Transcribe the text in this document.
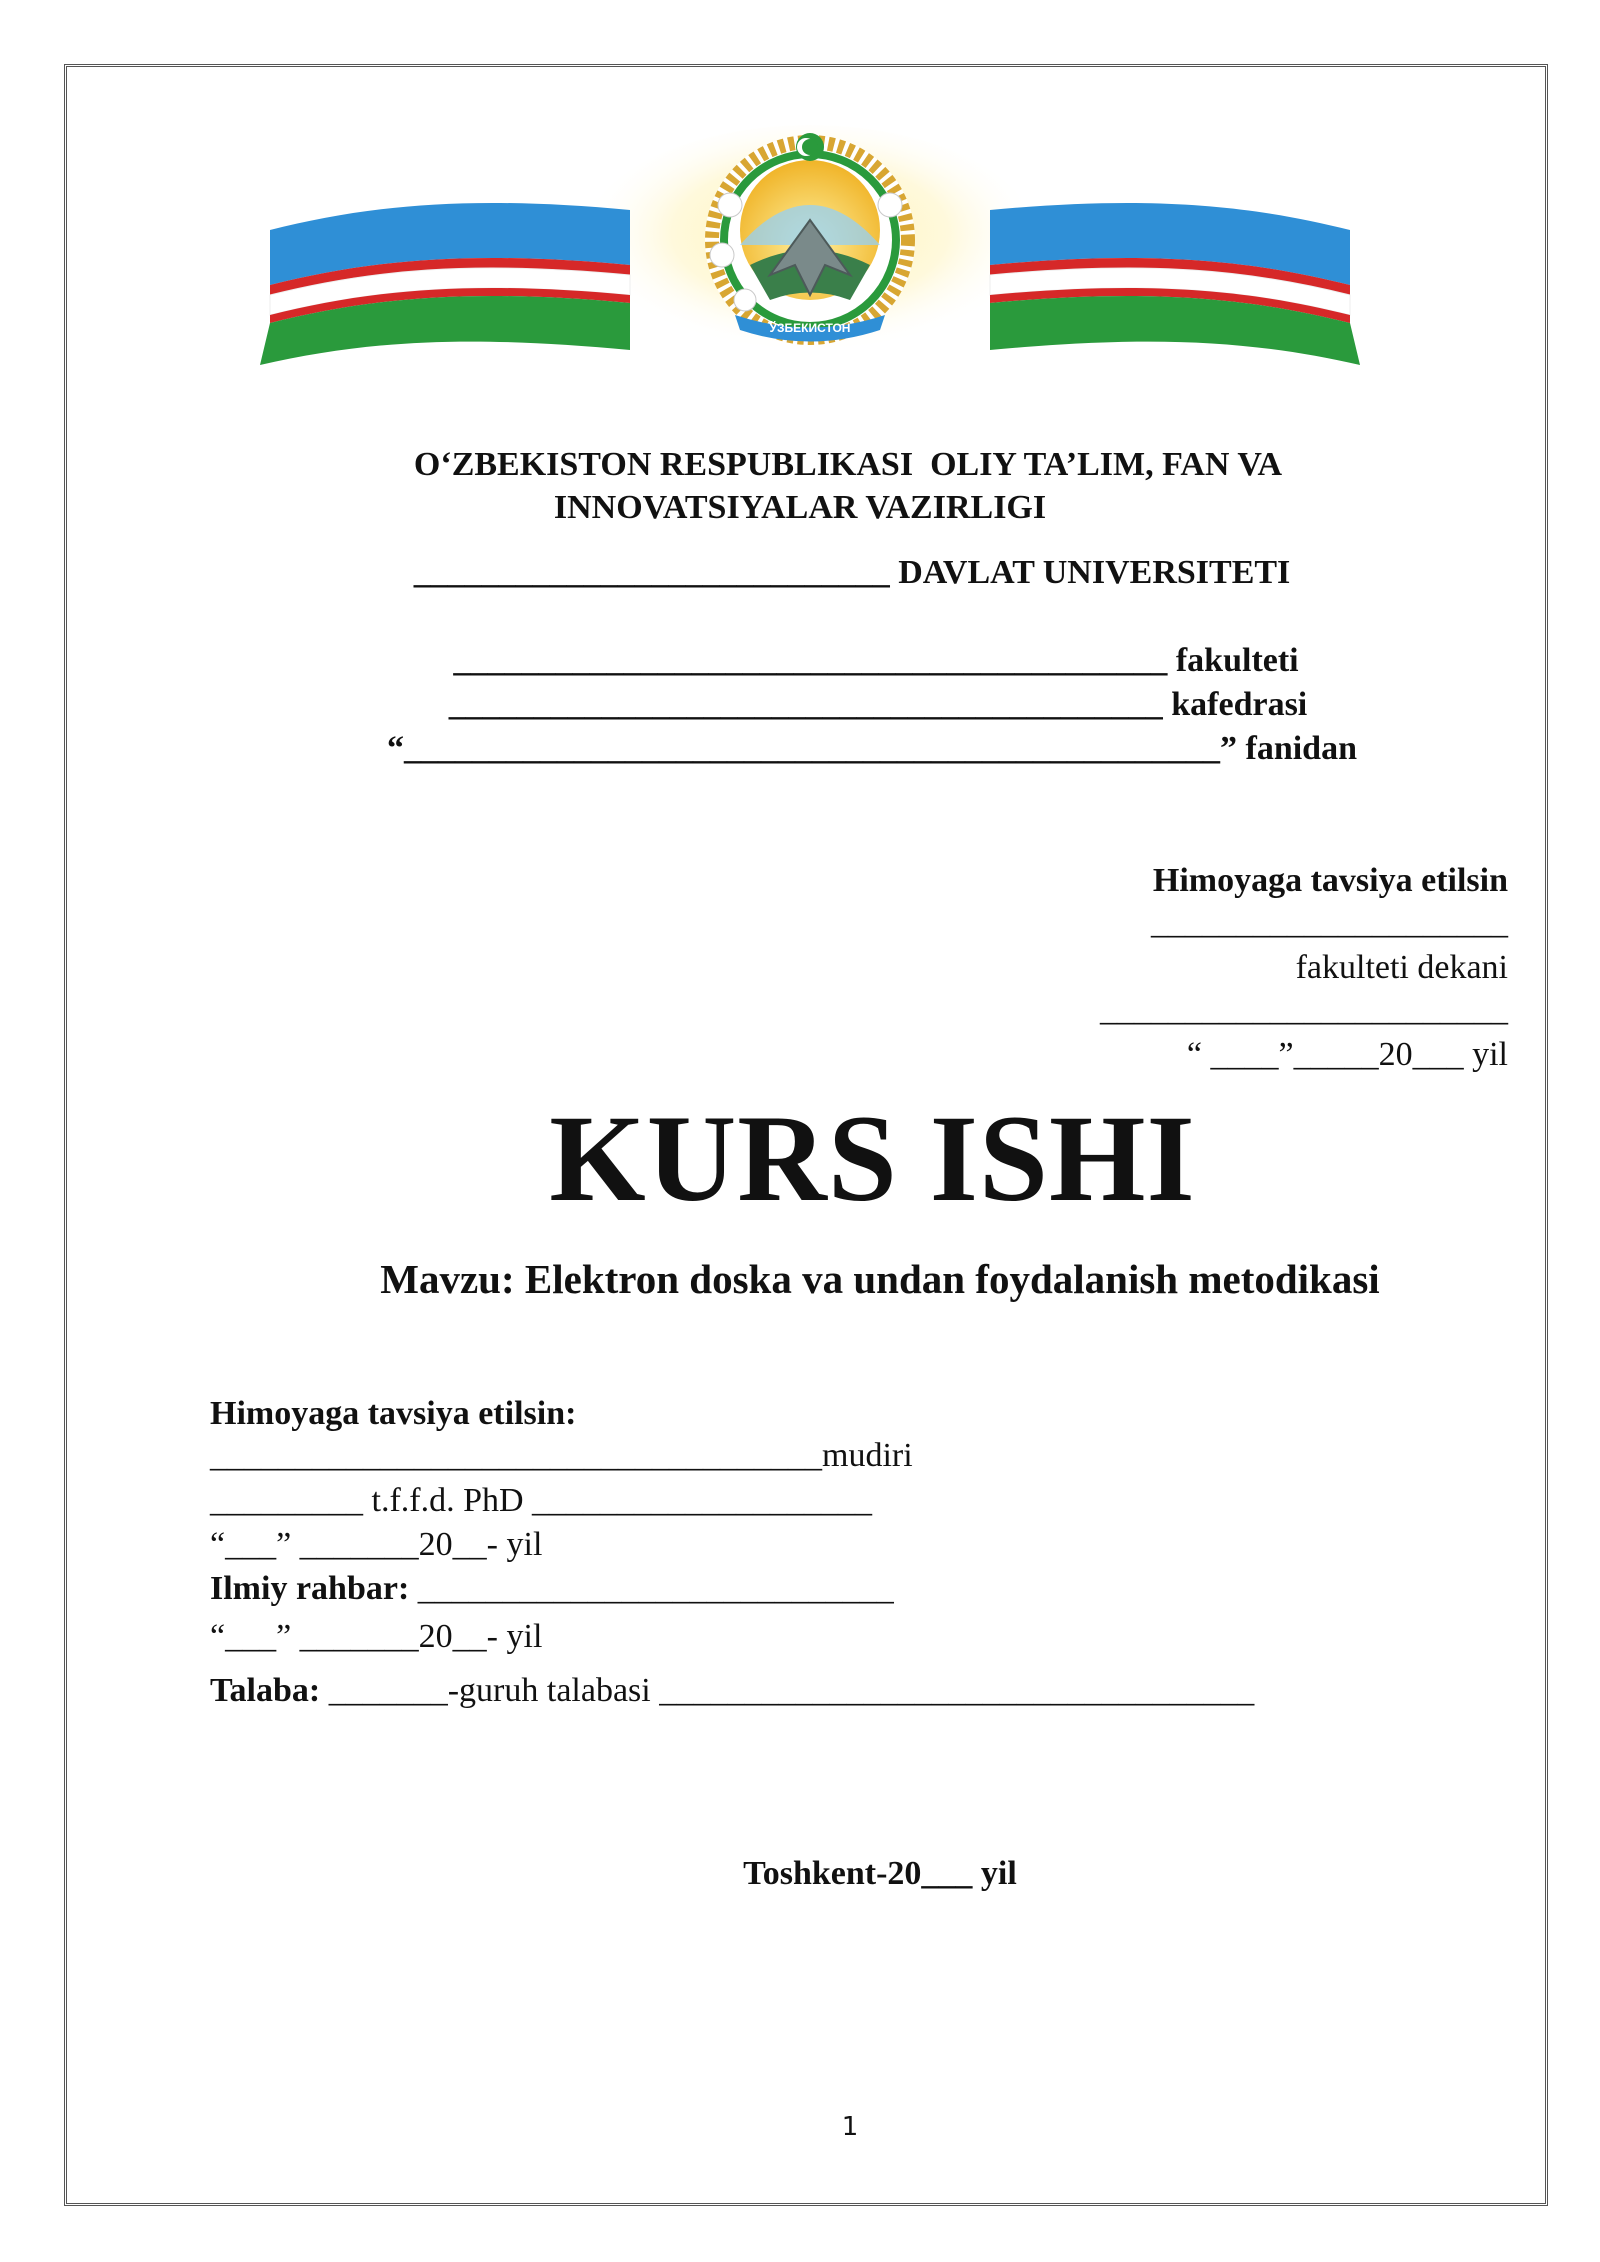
ЎЗБЕКИСТОН
O‘ZBEKISTON RESPUBLIKASI  OLIY TA’LIM, FAN VA
INNOVATSIYALAR VAZIRLIGI
____________________________ DAVLAT UNIVERSITETI
__________________________________________ fakulteti
__________________________________________ kafedrasi
“________________________________________________” fanidan
Himoyaga tavsiya etilsin
_____________________
fakulteti dekani
________________________
“ ____”_____20___ yil
KURS ISHI
Mavzu: Elektron doska va undan foydalanish metodikasi
Himoyaga tavsiya etilsin:
____________________________________mudiri
_________ t.f.f.d. PhD ____________________
“___” _______20__- yil
Ilmiy rahbar: ____________________________
“___” _______20__- yil
Talaba: _______-guruh talabasi ___________________________________
Toshkent-20___ yil
1
